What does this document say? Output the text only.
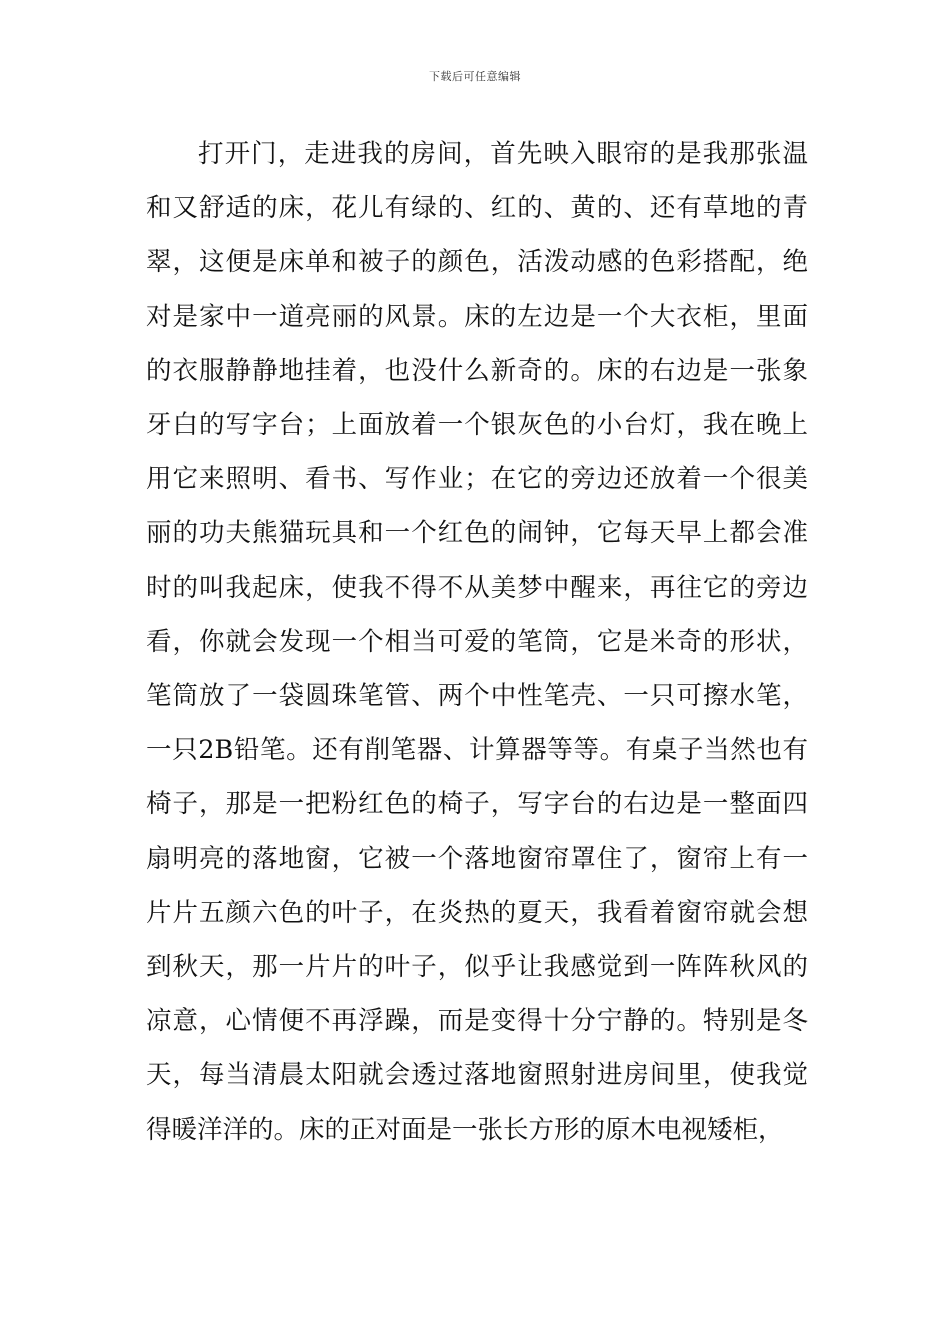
下载后可任意编辑

打开门，走进我的房间，首先映入眼帘的是我那张温和又舒适的床，花儿有绿的、红的、黄的、还有草地的青翠，这便是床单和被子的颜色，活泼动感的色彩搭配，绝对是家中一道亮丽的风景。床的左边是一个大衣柜，里面的衣服静静地挂着，也没什么新奇的。床的右边是一张象牙白的写字台；上面放着一个银灰色的小台灯，我在晚上用它来照明、看书、写作业；在它的旁边还放着一个很美丽的功夫熊猫玩具和一个红色的闹钟，它每天早上都会准时的叫我起床，使我不得不从美梦中醒来，再往它的旁边看，你就会发现一个相当可爱的笔筒，它是米奇的形状，笔筒放了一袋圆珠笔管、两个中性笔壳、一只可擦水笔，一只2B铅笔。还有削笔器、计算器等等。有桌子当然也有椅子，那是一把粉红色的椅子，写字台的右边是一整面四扇明亮的落地窗，它被一个落地窗帘罩住了，窗帘上有一片片五颜六色的叶子，在炎热的夏天，我看着窗帘就会想到秋天，那一片片的叶子，似乎让我感觉到一阵阵秋风的凉意，心情便不再浮躁，而是变得十分宁静的。特别是冬天，每当清晨太阳就会透过落地窗照射进房间里，使我觉得暖洋洋的。床的正对面是一张长方形的原木电视矮柜，
